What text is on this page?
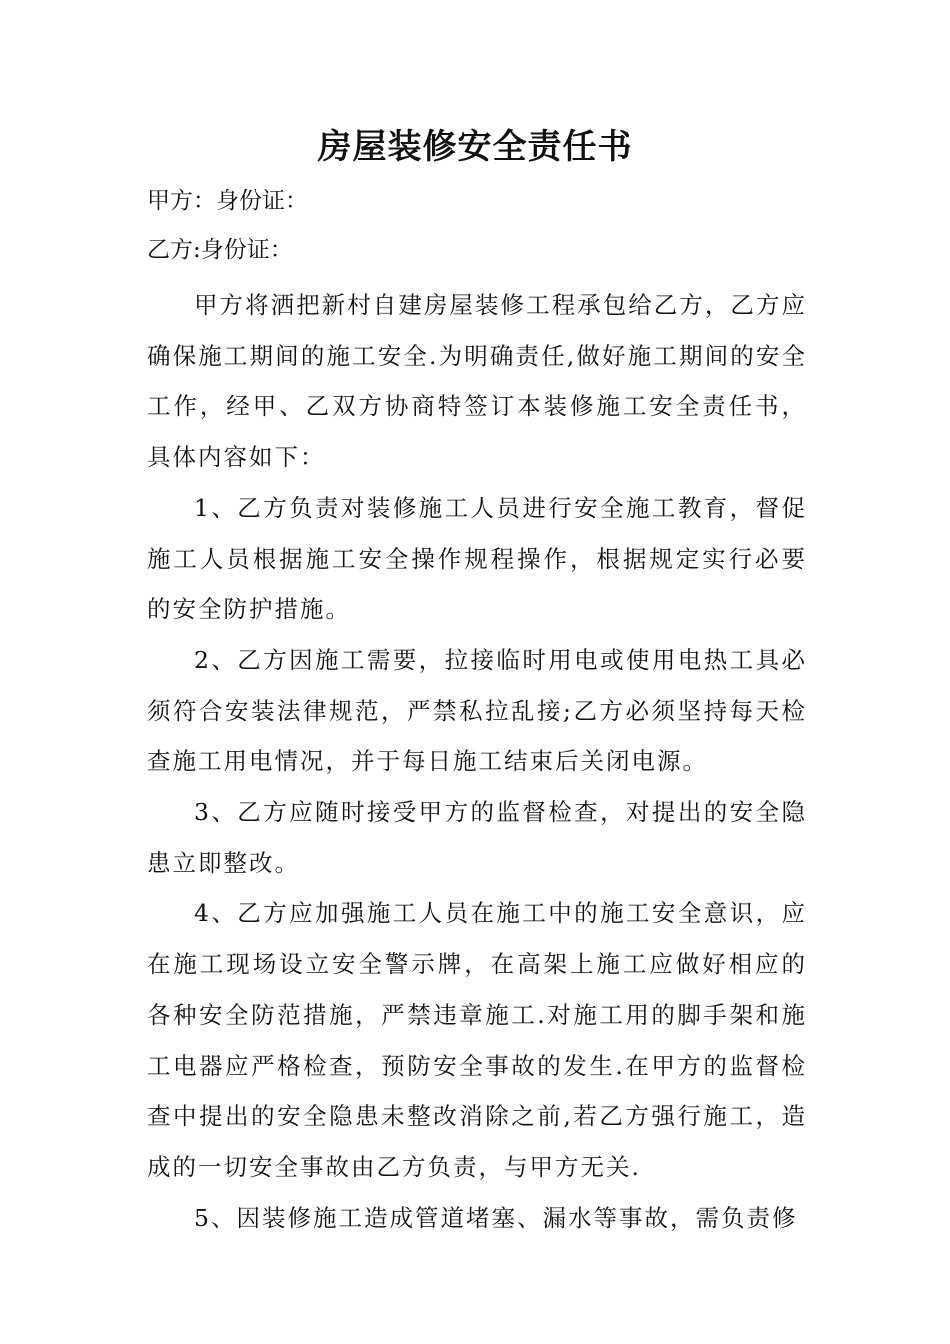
房屋装修安全责任书
甲方：身份证：
乙方:身份证：

甲方将洒把新村自建房屋装修工程承包给乙方，乙方应确保施工期间的施工安全.为明确责任,做好施工期间的安全工作，经甲、乙双方协商特签订本装修施工安全责任书，具体内容如下：

1、乙方负责对装修施工人员进行安全施工教育，督促施工人员根据施工安全操作规程操作，根据规定实行必要的安全防护措施。

2、乙方因施工需要，拉接临时用电或使用电热工具必须符合安装法律规范，严禁私拉乱接;乙方必须坚持每天检查施工用电情况，并于每日施工结束后关闭电源。

3、乙方应随时接受甲方的监督检查，对提出的安全隐患立即整改。

4、乙方应加强施工人员在施工中的施工安全意识，应在施工现场设立安全警示牌，在高架上施工应做好相应的各种安全防范措施，严禁违章施工.对施工用的脚手架和施工电器应严格检查，预防安全事故的发生.在甲方的监督检查中提出的安全隐患未整改消除之前,若乙方强行施工，造成的一切安全事故由乙方负责，与甲方无关.

5、因装修施工造成管道堵塞、漏水等事故，需负责修
